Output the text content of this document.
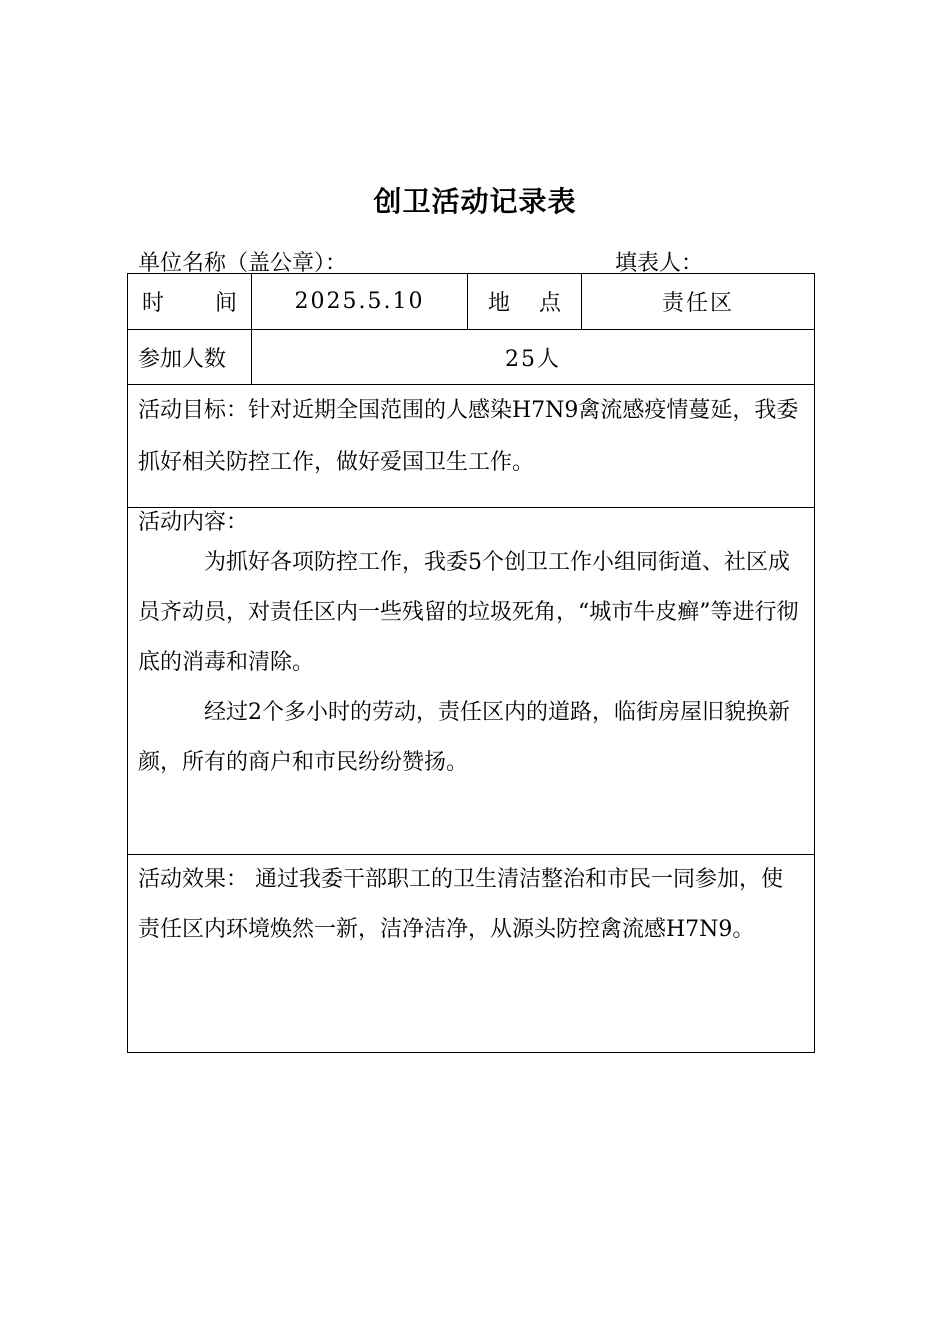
创卫活动记录表
单位名称（盖公章）：	填表人：
时 间	2025.5.10	地 点	责任区
参加人数	25人		

活动目标：针对近期全国范围的人感染H7N9禽流感疫情蔓延，我委抓好相关防控工作，做好爱国卫生工作。			

活动内容：

为抓好各项防控工作，我委5个创卫工作小组同街道、社区成员齐动员，对责任区内一些残留的垃圾死角，“城市牛皮癣”等进行彻底的消毒和清除。

经过2个多小时的劳动，责任区内的道路，临街房屋旧貌换新颜，所有的商户和市民纷纷赞扬。			

活动效果： 通过我委干部职工的卫生清洁整治和市民一同参加，使责任区内环境焕然一新，洁净洁净，从源头防控禽流感H7N9。			
